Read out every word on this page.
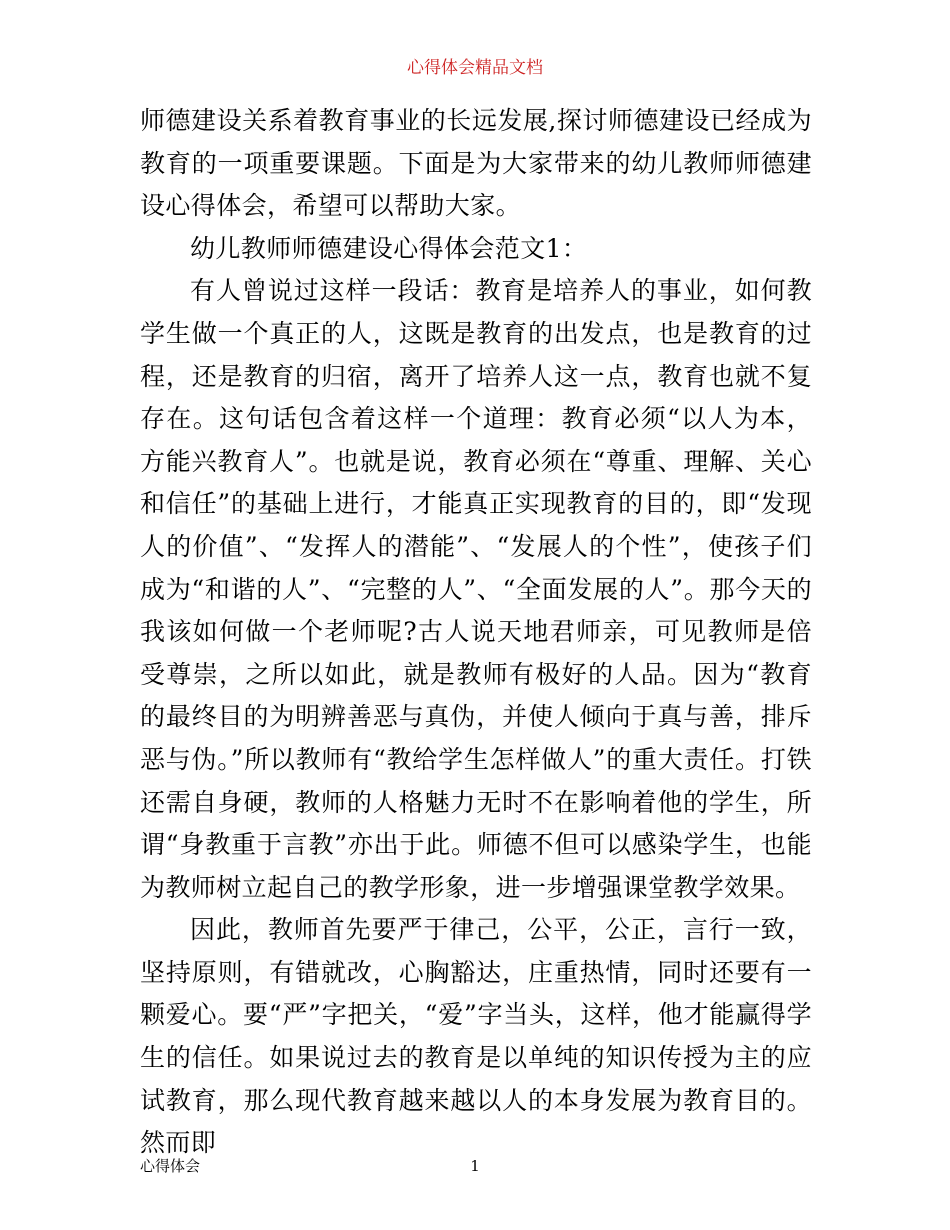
心得体会精品文档

师德建设关系着教育事业的长远发展,探讨师德建设已经成为教育的一项重要课题。下面是为大家带来的幼儿教师师德建设心得体会，希望可以帮助大家。

幼儿教师师德建设心得体会范文1：

有人曾说过这样一段话：教育是培养人的事业，如何教学生做一个真正的人，这既是教育的出发点，也是教育的过程，还是教育的归宿，离开了培养人这一点，教育也就不复存在。这句话包含着这样一个道理：教育必须“以人为本，方能兴教育人”。也就是说，教育必须在“尊重、理解、关心和信任”的基础上进行，才能真正实现教育的目的，即“发现人的价值”、“发挥人的潜能”、“发展人的个性”，使孩子们成为“和谐的人”、“完整的人”、“全面发展的人”。那今天的我该如何做一个老师呢?古人说天地君师亲，可见教师是倍受尊崇，之所以如此，就是教师有极好的人品。因为“教育的最终目的为明辨善恶与真伪，并使人倾向于真与善，排斥恶与伪。”所以教师有“教给学生怎样做人”的重大责任。打铁还需自身硬，教师的人格魅力无时不在影响着他的学生，所谓“身教重于言教”亦出于此。师德不但可以感染学生，也能为教师树立起自己的教学形象，进一步增强课堂教学效果。

因此，教师首先要严于律己，公平，公正，言行一致，坚持原则，有错就改，心胸豁达，庄重热情，同时还要有一颗爱心。要“严”字把关，“爱”字当头，这样，他才能赢得学生的信任。如果说过去的教育是以单纯的知识传授为主的应试教育，那么现代教育越来越以人的本身发展为教育目的。然而即

心得体会	1
